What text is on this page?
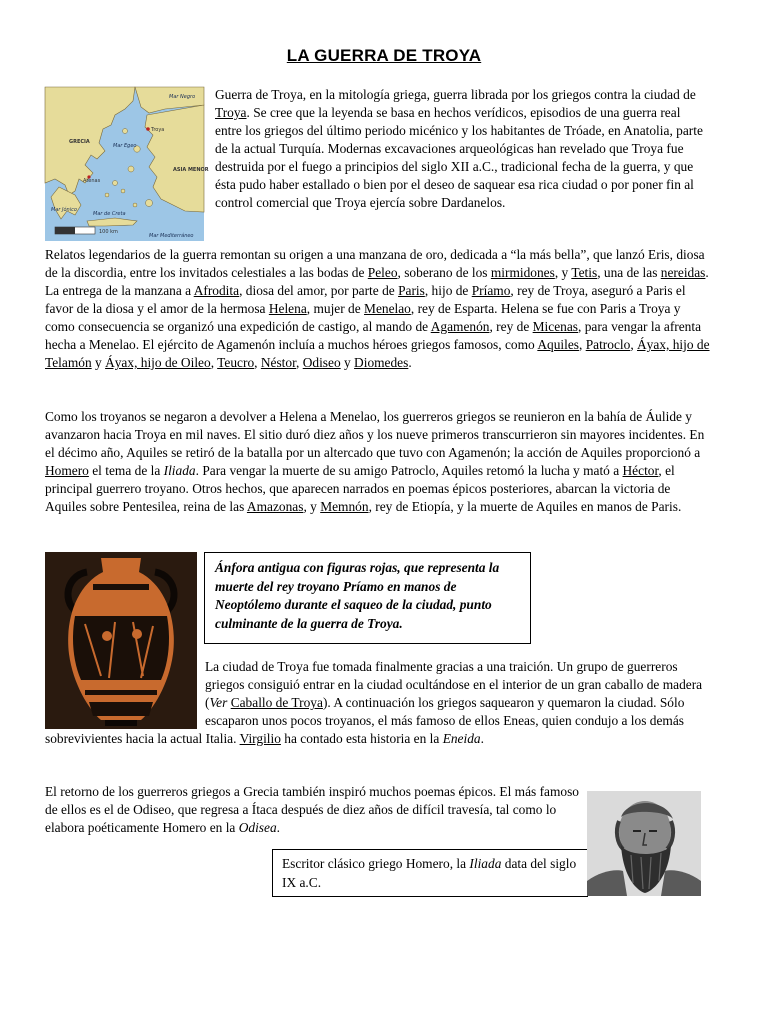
LA GUERRA DE TROYA
Mar Negro
GRECIA
Mar Egeo
Troya
Atenas
ASIA MENOR
Mar Jónico
Mar de Creta
Mar Mediterráneo
100 km
Guerra de Troya, en la mitología griega, guerra librada por los griegos contra la ciudad de Troya. Se cree que la leyenda se basa en hechos verídicos, episodios de una guerra real entre los griegos del último periodo micénico y los habitantes de Tróade, en Anatolia, parte de la actual Turquía. Modernas excavaciones arqueológicas han revelado que Troya fue destruida por el fuego a principios del siglo XII a.C., tradicional fecha de la guerra, y que ésta pudo haber estallado o bien por el deseo de saquear esa rica ciudad o por poner fin al control comercial que Troya ejercía sobre Dardanelos.
Relatos legendarios de la guerra remontan su origen a una manzana de oro, dedicada a “la más bella”, que lanzó Eris, diosa de la discordia, entre los invitados celestiales a las bodas de Peleo, soberano de los mirmidones, y Tetis, una de las nereidas. La entrega de la manzana a Afrodita, diosa del amor, por parte de Paris, hijo de Príamo, rey de Troya, aseguró a Paris el favor de la diosa y el amor de la hermosa Helena, mujer de Menelao, rey de Esparta. Helena se fue con Paris a Troya y como consecuencia se organizó una expedición de castigo, al mando de Agamenón, rey de Micenas, para vengar la afrenta hecha a Menelao. El ejército de Agamenón incluía a muchos héroes griegos famosos, como Aquiles, Patroclo, Áyax, hijo de Telamón y Áyax, hijo de Oileo, Teucro, Néstor, Odiseo y Diomedes.
Como los troyanos se negaron a devolver a Helena a Menelao, los guerreros griegos se reunieron en la bahía de Áulide y avanzaron hacia Troya en mil naves. El sitio duró diez años y los nueve primeros transcurrieron sin mayores incidentes. En el décimo año, Aquiles se retiró de la batalla por un altercado que tuvo con Agamenón; la acción de Aquiles proporcionó a Homero el tema de la Iliada. Para vengar la muerte de su amigo Patroclo, Aquiles retomó la lucha y mató a Héctor, el principal guerrero troyano. Otros hechos, que aparecen narrados en poemas épicos posteriores, abarcan la victoria de Aquiles sobre Pentesilea, reina de las Amazonas, y Memnón, rey de Etiopía, y la muerte de Aquiles en manos de Paris.
Ánfora antigua con figuras rojas, que representa la muerte del rey troyano Príamo en manos de Neoptólemo durante el saqueo de la ciudad, punto culminante de la guerra de Troya.
La ciudad de Troya fue tomada finalmente gracias a una traición. Un grupo de guerreros griegos consiguió entrar en la ciudad ocultándose en el interior de un gran caballo de madera (Ver Caballo de Troya). A continuación los griegos saquearon y quemaron la ciudad. Sólo escaparon unos pocos troyanos, el más famoso de ellos Eneas, quien condujo a los demás sobrevivientes hacia la actual Italia. Virgilio ha contado esta historia en la Eneida.
El retorno de los guerreros griegos a Grecia también inspiró muchos poemas épicos. El más famoso de ellos es el de Odiseo, que regresa a Ítaca después de diez años de difícil travesía, tal como lo elabora poéticamente Homero en la Odisea.
Escritor clásico griego Homero, la Iliada data del siglo IX a.C.
